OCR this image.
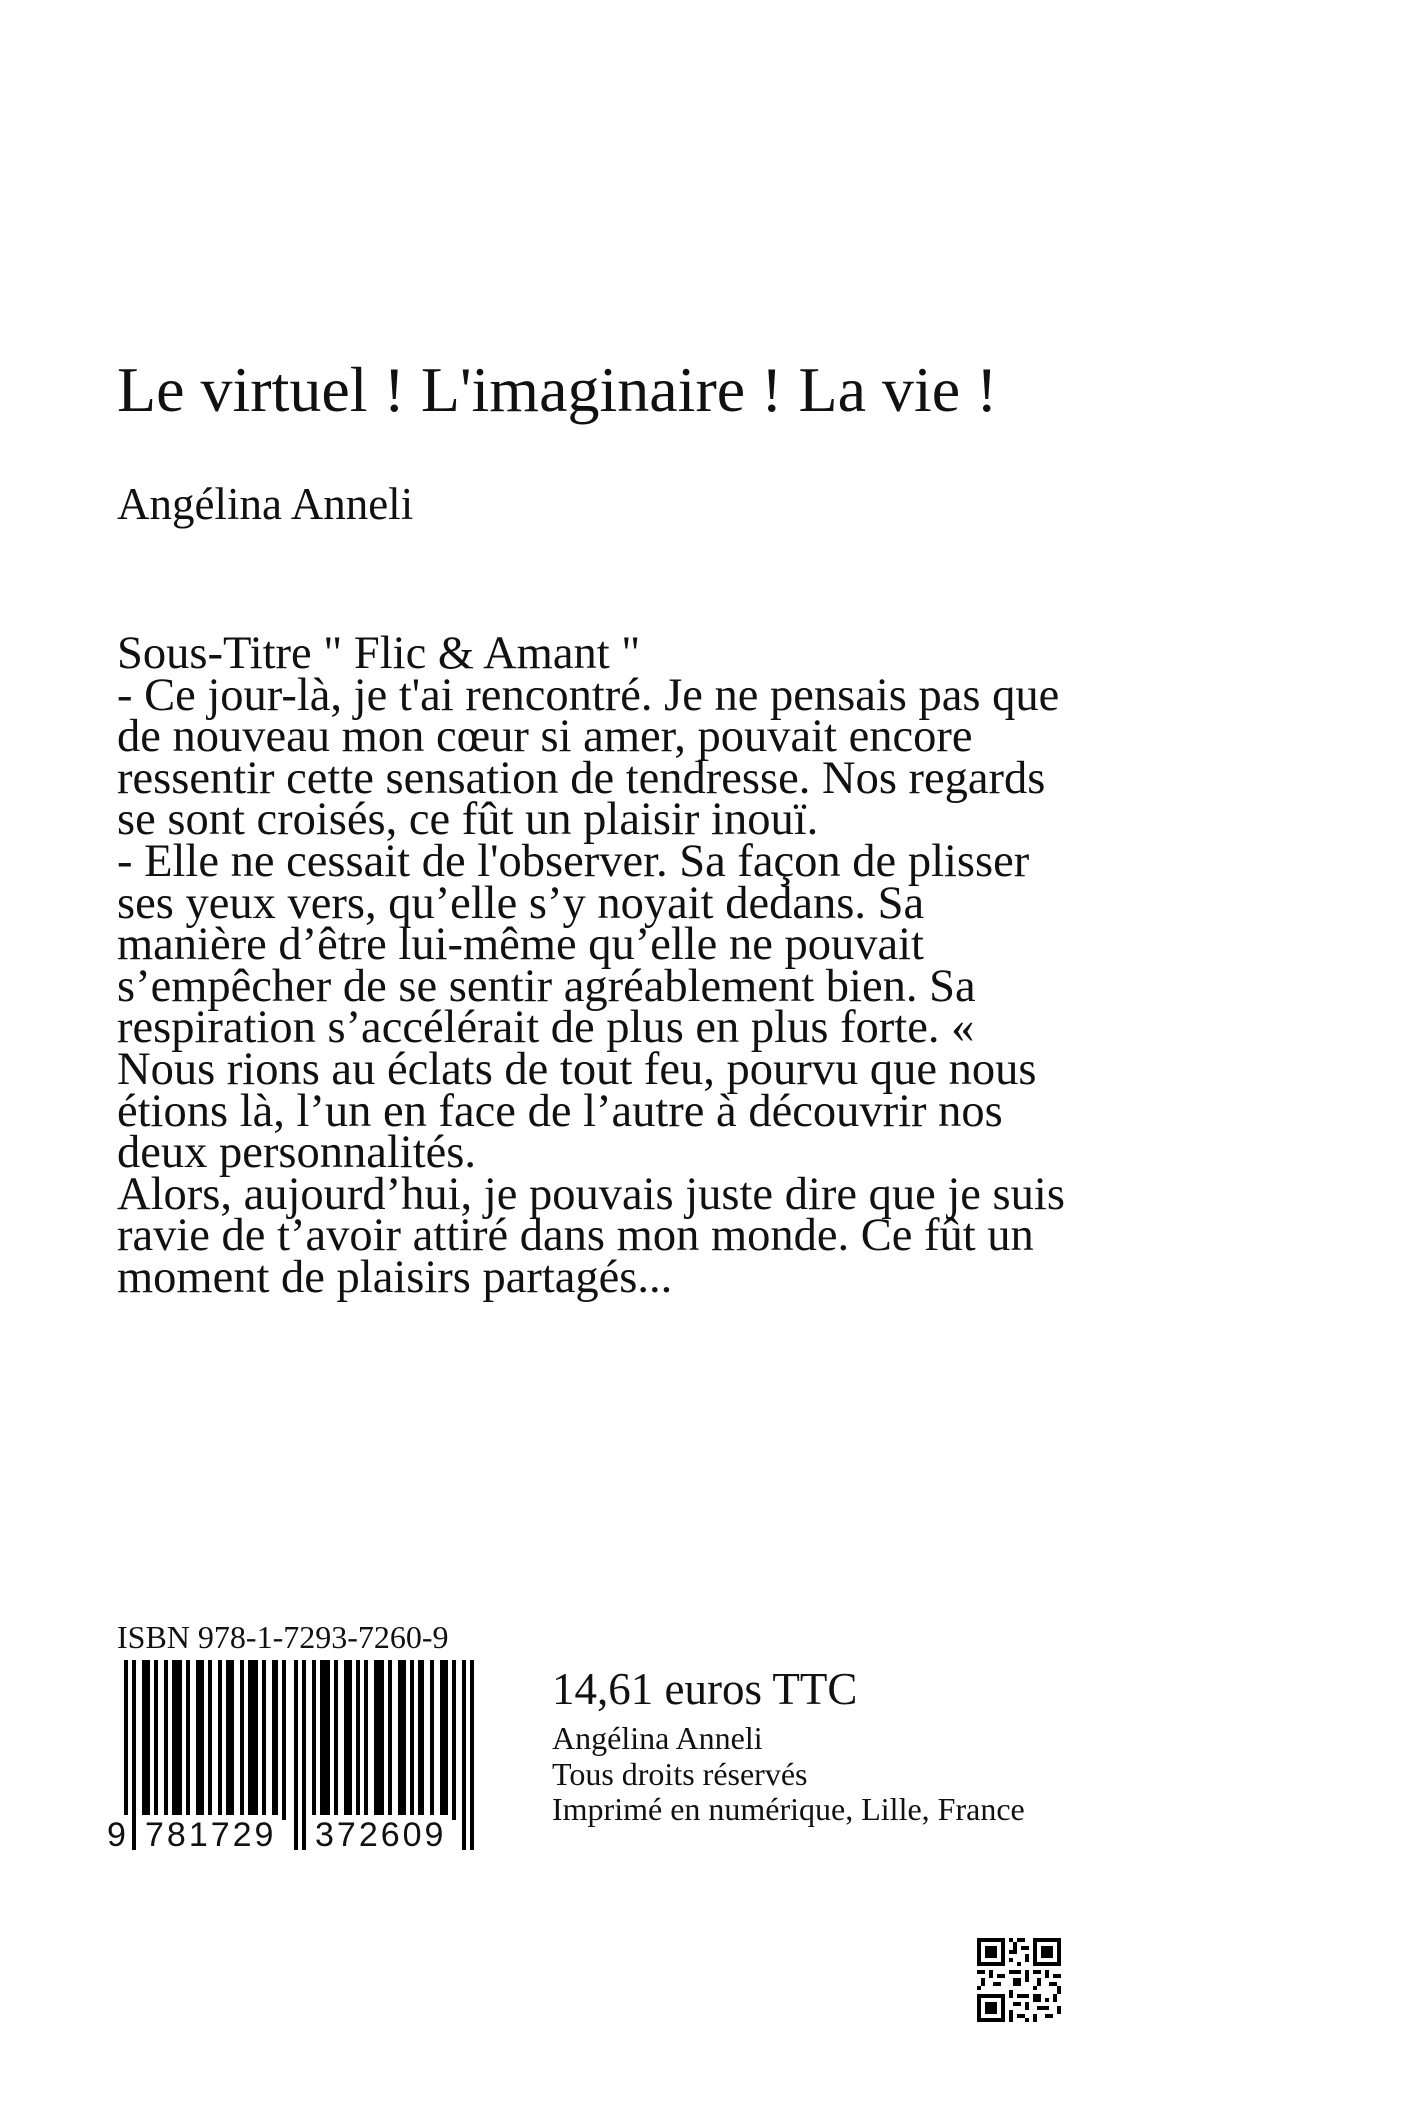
Le virtuel ! L'imaginaire ! La vie !
Angélina Anneli

Sous-Titre " Flic & Amant "

- Ce jour-là, je t'ai rencontré. Je ne pensais pas que de nouveau mon cœur si amer, pouvait encore ressentir cette sensation de tendresse. Nos regards se sont croisés, ce fût un plaisir inouï.

- Elle ne cessait de l'observer. Sa façon de plisser ses yeux vers, qu’elle s’y noyait dedans. Sa manière d’être lui-même qu’elle ne pouvait s’empêcher de se sentir agréablement bien. Sa respiration s’accélérait de plus en plus forte. « Nous rions au éclats de tout feu, pourvu que nous étions là, l’un en face de l’autre à découvrir nos deux personnalités.

Alors, aujourd’hui, je pouvais juste dire que je suis ravie de t’avoir attiré dans mon monde. Ce fût un moment de plaisirs partagés...

ISBN 978-1-7293-7260-9
9 781729 372609
14,61 euros TTC
Angélina Anneli
Tous droits réservés
Imprimé en numérique, Lille, France
